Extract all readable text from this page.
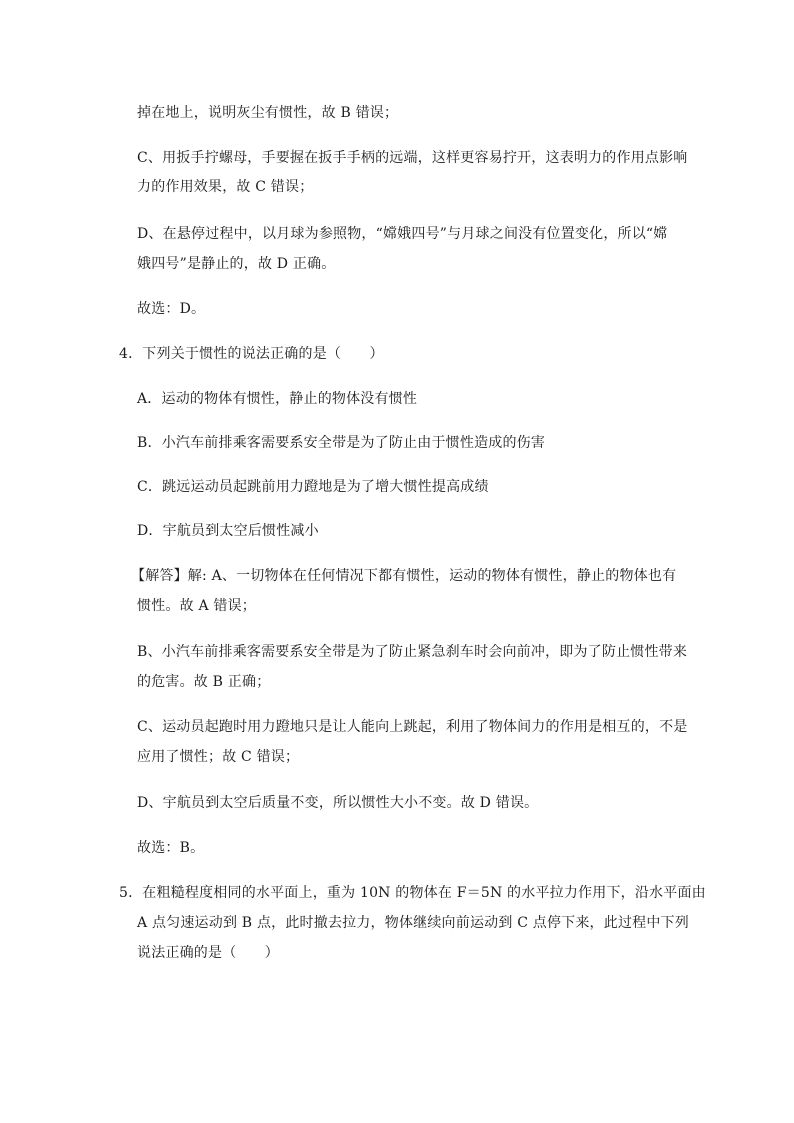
掉在地上，说明灰尘有惯性，故 B 错误；
C、用扳手拧螺母，手要握在扳手手柄的远端，这样更容易拧开，这表明力的作用点影响
力的作用效果，故 C 错误；
D、在悬停过程中，以月球为参照物，“嫦娥四号”与月球之间没有位置变化，所以“嫦
娥四号”是静止的，故 D 正确。
故选：D。
4．下列关于惯性的说法正确的是（　　）
A．运动的物体有惯性，静止的物体没有惯性
B．小汽车前排乘客需要系安全带是为了防止由于惯性造成的伤害
C．跳远运动员起跳前用力蹬地是为了增大惯性提高成绩
D．宇航员到太空后惯性减小
【解答】解: A、一切物体在任何情况下都有惯性，运动的物体有惯性，静止的物体也有
惯性。故 A 错误；
B、小汽车前排乘客需要系安全带是为了防止紧急刹车时会向前冲，即为了防止惯性带来
的危害。故 B 正确；
C、运动员起跑时用力蹬地只是让人能向上跳起，利用了物体间力的作用是相互的，不是
应用了惯性；故 C 错误；
D、宇航员到太空后质量不变，所以惯性大小不变。故 D 错误。
故选：B。
5．在粗糙程度相同的水平面上，重为 10N 的物体在 F＝5N 的水平拉力作用下，沿水平面由
A 点匀速运动到 B 点，此时撤去拉力，物体继续向前运动到 C 点停下来，此过程中下列
说法正确的是（　　）
